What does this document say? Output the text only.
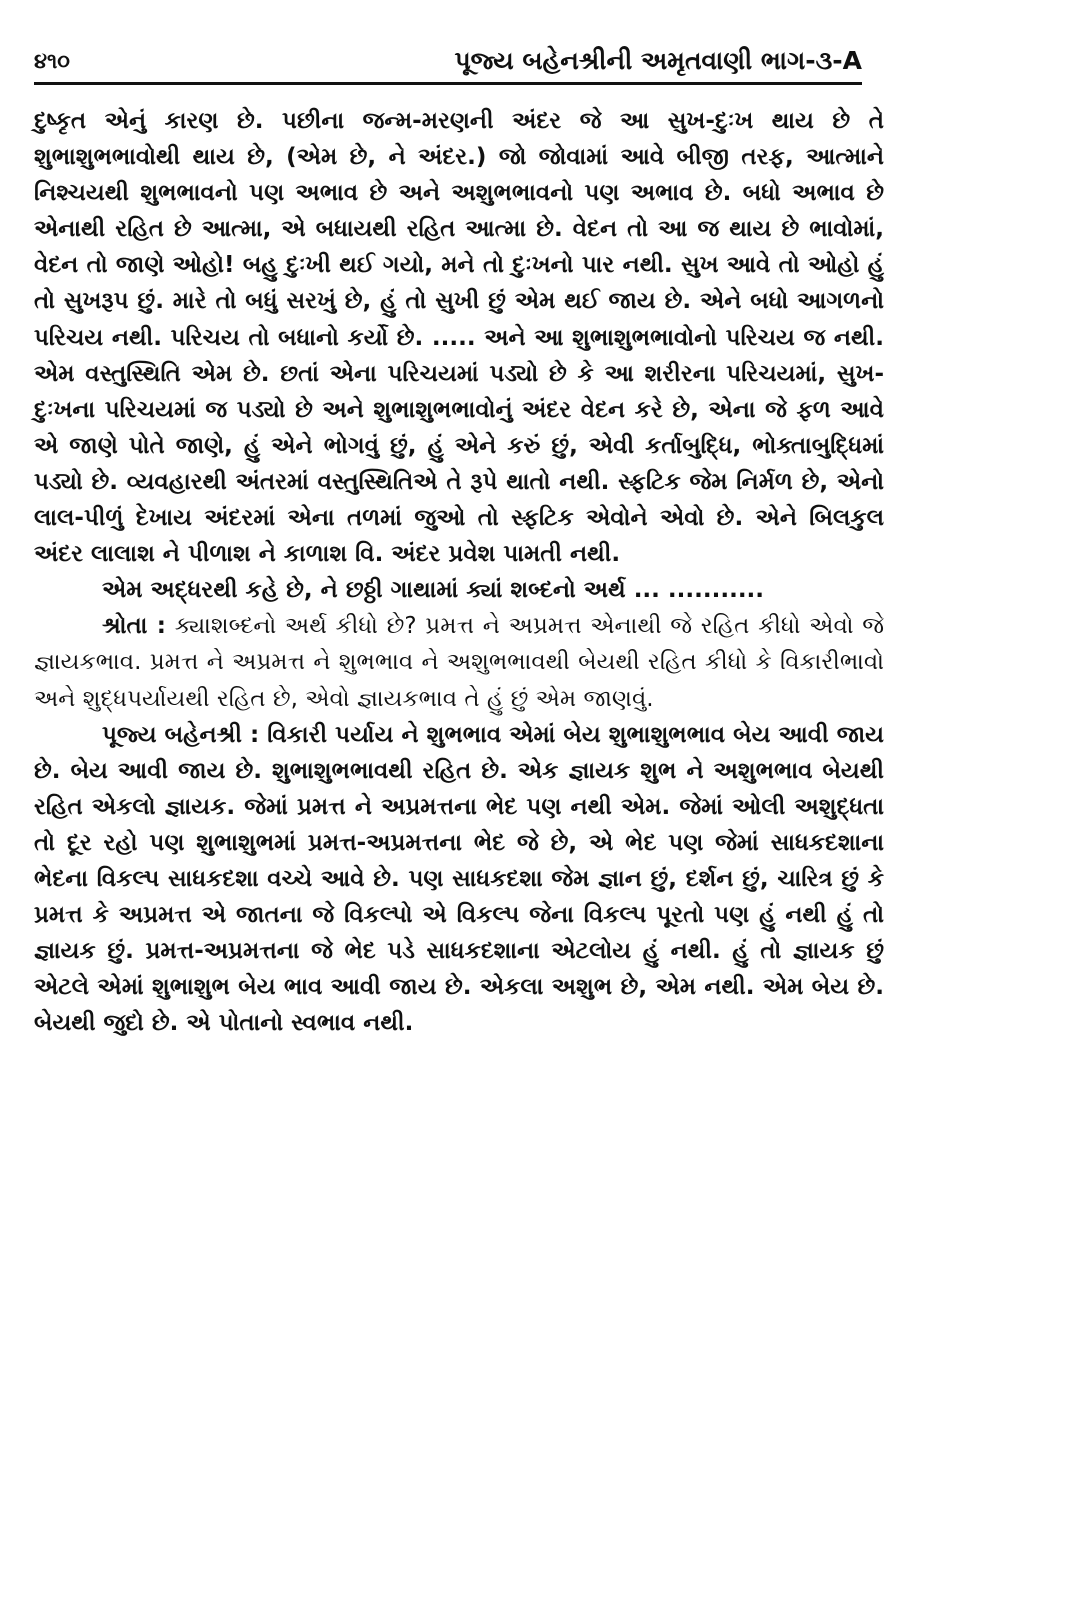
૪૧૦	પૂજ્ય બહેનશ્રીની અમૃતવાણી ભાગ-૩-A

દુષ્કૃત એનું કારણ છે. પછીના જન્મ-મરણની અંદર જે આ સુખ-દુઃખ થાય છે તે શુભાશુભભાવોથી થાય છે, (એમ છે, ને અંદર.) જો જોવામાં આવે બીજી તરફ, આત્માને નિશ્ચયથી શુભભાવનો પણ અભાવ છે અને અશુભભાવનો પણ અભાવ છે. બધો અભાવ છે એનાથી રહિત છે આત્મા, એ બધાયથી રહિત આત્મા છે. વેદન તો આ જ થાય છે ભાવોમાં, વેદન તો જાણે ઓહો! બહુ દુઃખી થઈ ગયો, મને તો દુઃખનો પાર નથી. સુખ આવે તો ઓહો હું તો સુખરૂપ છું. મારે તો બધું સરખું છે, હું તો સુખી છું એમ થઈ જાય છે. એને બધો આગળનો પરિચય નથી. પરિચય તો બધાનો કર્યો છે. ..... અને આ શુભાશુભભાવોનો પરિચય જ નથી. એમ વસ્તુસ્થિતિ એમ છે. છતાં એના પરિચયમાં પડ્યો છે કે આ શરીરના પરિચયમાં, સુખ-દુઃખના પરિચયમાં જ પડ્યો છે અને શુભાશુભભાવોનું અંદર વેદન કરે છે, એના જે ફળ આવે એ જાણે પોતે જાણે, હું એને ભોગવું છું, હું એને કરું છું, એવી કર્તાબુદ્ધિ, ભોક્તાબુદ્ધિમાં પડ્યો છે. વ્યવહારથી અંતરમાં વસ્તુસ્થિતિએ તે રૂપે થાતો નથી. સ્ફટિક જેમ નિર્મળ છે, એનો લાલ-પીળું દેખાય અંદરમાં એના તળમાં જુઓ તો સ્ફટિક એવોને એવો છે. એને બિલકુલ અંદર લાલાશ ને પીળાશ ને કાળાશ વિ. અંદર પ્રવેશ પામતી નથી.

એમ અદ્ધરથી કહે છે, ને છઠ્ઠી ગાથામાં ક્યાં શબ્દનો અર્થ ... ...........

શ્રોતા : ક્યાશબ્દનો અર્થ કીધો છે? પ્રમત્ત ને અપ્રમત્ત એનાથી જે રહિત કીધો એવો જે જ્ઞાયકભાવ. પ્રમત્ત ને અપ્રમત્ત ને શુભભાવ ને અશુભભાવથી બેયથી રહિત કીધો કે વિકારીભાવો અને શુદ્ધપર્યાયથી રહિત છે, એવો જ્ઞાયકભાવ તે હું છું એમ જાણવું.

પૂજ્ય બહેનશ્રી : વિકારી પર્યાય ને શુભભાવ એમાં બેય શુભાશુભભાવ બેય આવી જાય છે. બેય આવી જાય છે. શુભાશુભભાવથી રહિત છે. એક જ્ઞાયક શુભ ને અશુભભાવ બેયથી રહિત એકલો જ્ઞાયક. જેમાં પ્રમત્ત ને અપ્રમત્તના ભેદ પણ નથી એમ. જેમાં ઓલી અશુદ્ધતા તો દૂર રહો પણ શુભાશુભમાં પ્રમત્ત-અપ્રમત્તના ભેદ જે છે, એ ભેદ પણ જેમાં સાધકદશાના ભેદના વિકલ્પ સાધકદશા વચ્ચે આવે છે. પણ સાધકદશા જેમ જ્ઞાન છું, દર્શન છું, ચારિત્ર છું કે પ્રમત્ત કે અપ્રમત્ત એ જાતના જે વિકલ્પો એ વિકલ્પ જેના વિકલ્પ પૂરતો પણ હું નથી હું તો જ્ઞાયક છું. પ્રમત્ત-અપ્રમત્તના જે ભેદ પડે સાધકદશાના એટલોય હું નથી. હું તો જ્ઞાયક છું એટલે એમાં શુભાશુભ બેય ભાવ આવી જાય છે. એકલા અશુભ છે, એમ નથી. એમ બેય છે. બેયથી જુદો છે. એ પોતાનો સ્વભાવ નથી.
